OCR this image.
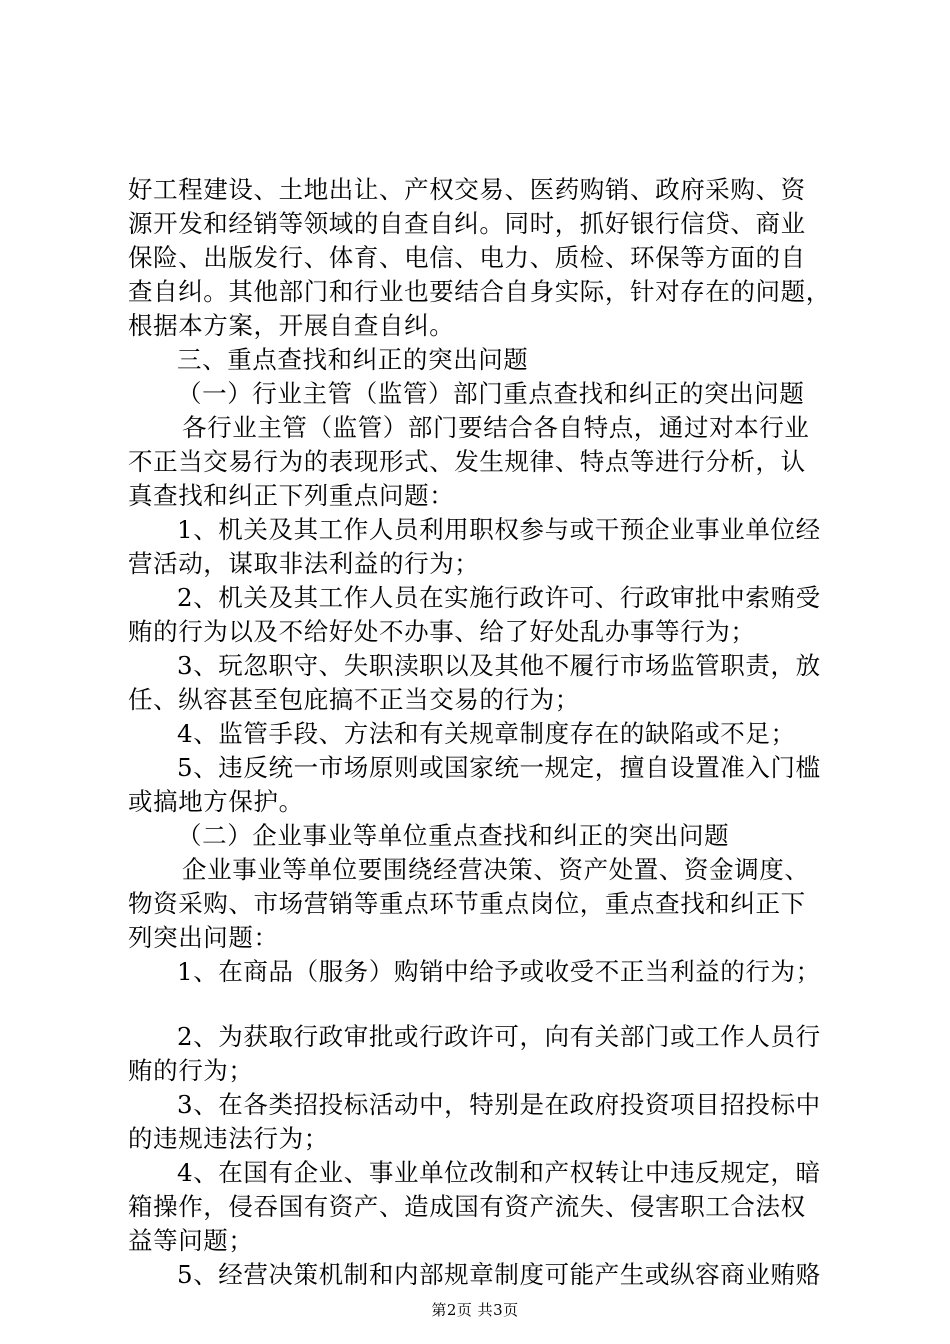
好工程建设、土地出让、产权交易、医药购销、政府采购、资
源开发和经销等领域的自查自纠。同时，抓好银行信贷、商业
保险、出版发行、体育、电信、电力、质检、环保等方面的自
查自纠。其他部门和行业也要结合自身实际，针对存在的问题，
根据本方案，开展自查自纠。
三、重点查找和纠正的突出问题
（一）行业主管（监管）部门重点查找和纠正的突出问题
各行业主管（监管）部门要结合各自特点，通过对本行业
不正当交易行为的表现形式、发生规律、特点等进行分析，认
真查找和纠正下列重点问题：
1、机关及其工作人员利用职权参与或干预企业事业单位经
营活动，谋取非法利益的行为；
2、机关及其工作人员在实施行政许可、行政审批中索贿受
贿的行为以及不给好处不办事、给了好处乱办事等行为；
3、玩忽职守、失职渎职以及其他不履行市场监管职责，放
任、纵容甚至包庇搞不正当交易的行为；
4、监管手段、方法和有关规章制度存在的缺陷或不足；
5、违反统一市场原则或国家统一规定，擅自设置准入门槛
或搞地方保护。
（二）企业事业等单位重点查找和纠正的突出问题
企业事业等单位要围绕经营决策、资产处置、资金调度、
物资采购、市场营销等重点环节重点岗位，重点查找和纠正下
列突出问题：
1、在商品（服务）购销中给予或收受不正当利益的行为；
2、为获取行政审批或行政许可，向有关部门或工作人员行
贿的行为；
3、在各类招投标活动中，特别是在政府投资项目招投标中
的违规违法行为；
4、在国有企业、事业单位改制和产权转让中违反规定，暗
箱操作，侵吞国有资产、造成国有资产流失、侵害职工合法权
益等问题；
5、经营决策机制和内部规章制度可能产生或纵容商业贿赂
第2页 共3页
